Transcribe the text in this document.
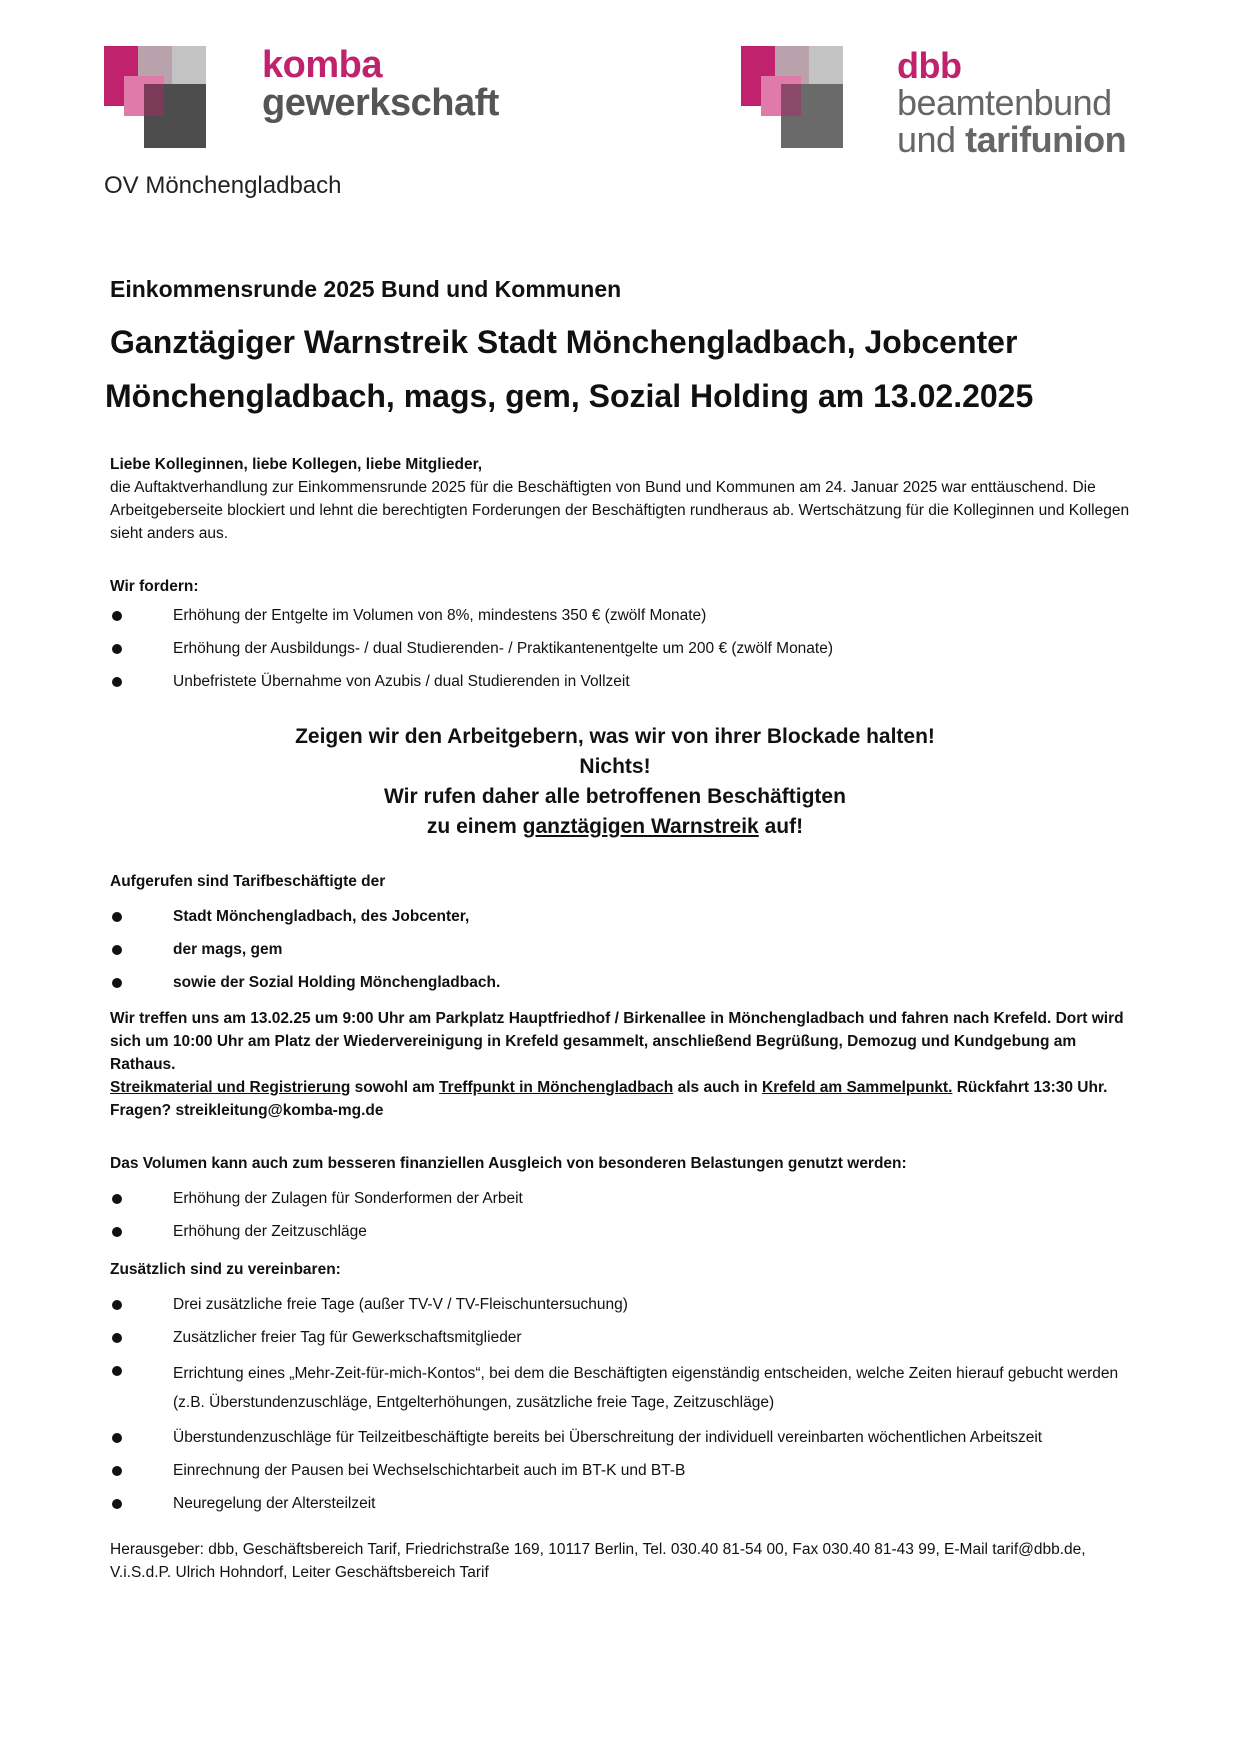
komba
gewerkschaft
dbb
beamtenbund
und tarifunion
OV Mönchengladbach
Einkommensrunde 2025 Bund und Kommunen
Ganztägiger Warnstreik Stadt Mönchengladbach, Jobcenter
Mönchengladbach, mags, gem, Sozial Holding am 13.02.2025
Liebe Kolleginnen, liebe Kollegen, liebe Mitglieder,
die Auftaktverhandlung zur Einkommensrunde 2025 für die Beschäftigten von Bund und Kommunen am 24. Januar 2025 war enttäuschend. Die Arbeitgeberseite blockiert und lehnt die berechtigten Forderungen der Beschäftigten rundheraus ab. Wertschätzung für die Kolleginnen und Kollegen sieht anders aus.
Wir fordern:
Erhöhung der Entgelte im Volumen von 8%, mindestens 350 € (zwölf Monate)
Erhöhung der Ausbildungs- / dual Studierenden- / Praktikantenentgelte um 200 € (zwölf Monate)
Unbefristete Übernahme von Azubis / dual Studierenden in Vollzeit
Zeigen wir den Arbeitgebern, was wir von ihrer Blockade halten!
Nichts!
Wir rufen daher alle betroffenen Beschäftigten
zu einem ganztägigen Warnstreik auf!
Aufgerufen sind Tarifbeschäftigte der
Stadt Mönchengladbach, des Jobcenter,
der mags, gem
sowie der Sozial Holding Mönchengladbach.
Wir treffen uns am 13.02.25 um 9:00 Uhr am Parkplatz Hauptfriedhof / Birkenallee in Mönchengladbach und fahren nach Krefeld. Dort wird sich um 10:00 Uhr am Platz der Wiedervereinigung in Krefeld gesammelt, anschließend Begrüßung, Demozug und Kundgebung am Rathaus.
Streikmaterial und Registrierung sowohl am Treffpunkt in Mönchengladbach als auch in Krefeld am Sammelpunkt. Rückfahrt 13:30 Uhr.
Fragen? streikleitung@komba-mg.de
Das Volumen kann auch zum besseren finanziellen Ausgleich von besonderen Belastungen genutzt werden:
Erhöhung der Zulagen für Sonderformen der Arbeit
Erhöhung der Zeitzuschläge
Zusätzlich sind zu vereinbaren:
Drei zusätzliche freie Tage (außer TV-V / TV-Fleischuntersuchung)
Zusätzlicher freier Tag für Gewerkschaftsmitglieder
Errichtung eines „Mehr-Zeit-für-mich-Kontos“, bei dem die Beschäftigten eigenständig entscheiden, welche Zeiten hierauf gebucht werden (z.B. Überstundenzuschläge, Entgelterhöhungen, zusätzliche freie Tage, Zeitzuschläge)
Überstundenzuschläge für Teilzeitbeschäftigte bereits bei Überschreitung der individuell vereinbarten wöchentlichen Arbeitszeit
Einrechnung der Pausen bei Wechselschichtarbeit auch im BT-K und BT-B
Neuregelung der Altersteilzeit
Herausgeber: dbb, Geschäftsbereich Tarif, Friedrichstraße 169, 10117 Berlin, Tel. 030.40 81-54 00, Fax 030.40 81-43 99, E-Mail tarif@dbb.de,
V.i.S.d.P. Ulrich Hohndorf, Leiter Geschäftsbereich Tarif
